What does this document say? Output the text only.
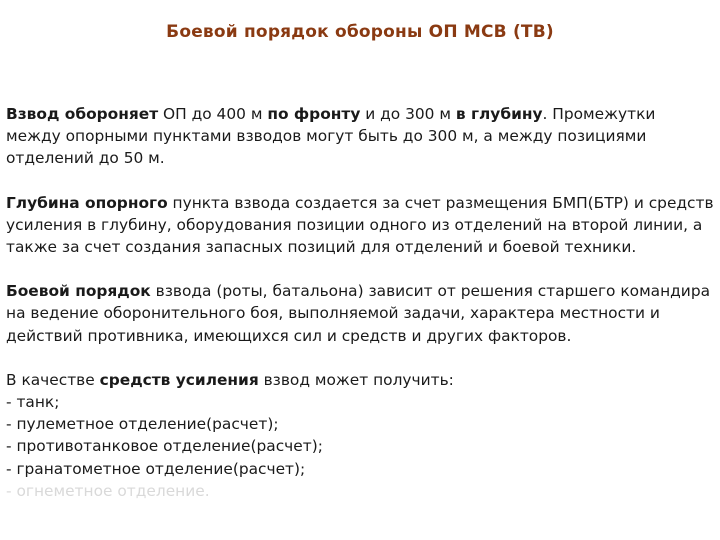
Боевой порядок обороны ОП МСВ (ТВ)

Взвод обороняет ОП до 400 м по фронту и до 300 м в глубину. Промежутки между опорными пунктами взводов могут быть до 300 м, а между позициями отделений до 50 м.

Глубина опорного пункта взвода создается за счет размещения БМП(БТР) и средств усиления в глубину, оборудования позиции одного из отделений на второй линии, а также за счет создания запасных позиций для отделений и боевой техники.

Боевой порядок взвода (роты, батальона) зависит от решения старшего командира на ведение оборонительного боя, выполняемой задачи, характера местности и действий противника, имеющихся сил и средств и других факторов.

В качестве средств усиления взвод может получить:

- танк;
- пулеметное отделение(расчет);
- противотанковое отделение(расчет);
- гранатометное отделение(расчет);
- огнеметное отделение.
